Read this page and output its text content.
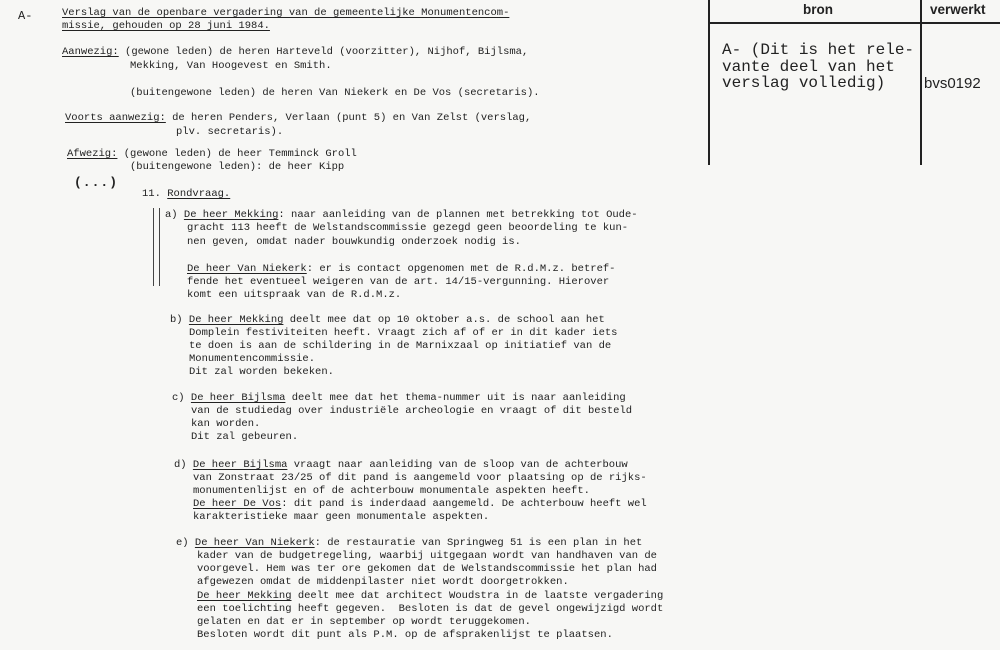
A-	Verslag van de openbare vergadering van de gemeentelijke Monumentencom-
missie, gehouden op 28 juni 1984.
Aanwezig: (gewone leden) de heren Harteveld (voorzitter), Nijhof, Bijlsma,
Mekking, Van Hoogevest en Smith.
(buitengewone leden) de heren Van Niekerk en De Vos (secretaris).
Voorts aanwezig: de heren Penders, Verlaan (punt 5) en Van Zelst (verslag,
plv. secretaris).
Afwezig: (gewone leden) de heer Temminck Groll
(buitengewone leden): de heer Kipp
(...)
11. Rondvraag.
a) De heer Mekking: naar aanleiding van de plannen met betrekking tot Oude-
gracht 113 heeft de Welstandscommissie gezegd geen beoordeling te kun-
nen geven, omdat nader bouwkundig onderzoek nodig is.
De heer Van Niekerk: er is contact opgenomen met de R.d.M.z. betref-
fende het eventueel weigeren van de art. 14/15-vergunning. Hierover
komt een uitspraak van de R.d.M.z.
b) De heer Mekking deelt mee dat op 10 oktober a.s. de school aan het
Domplein festiviteiten heeft. Vraagt zich af of er in dit kader iets
te doen is aan de schildering in de Marnixzaal op initiatief van de
Monumentencommissie.
Dit zal worden bekeken.
c) De heer Bijlsma deelt mee dat het thema-nummer uit is naar aanleiding
van de studiedag over industriële archeologie en vraagt of dit besteld
kan worden.
Dit zal gebeuren.
d) De heer Bijlsma vraagt naar aanleiding van de sloop van de achterbouw
van Zonstraat 23/25 of dit pand is aangemeld voor plaatsing op de rijks-
monumentenlijst en of de achterbouw monumentale aspekten heeft.
De heer De Vos: dit pand is inderdaad aangemeld. De achterbouw heeft wel
karakteristieke maar geen monumentale aspekten.
e) De heer Van Niekerk: de restauratie van Springweg 51 is een plan in het
kader van de budgetregeling, waarbij uitgegaan wordt van handhaven van de
voorgevel. Hem was ter ore gekomen dat de Welstandscommissie het plan had
afgewezen omdat de middenpilaster niet wordt doorgetrokken.
De heer Mekking deelt mee dat architect Woudstra in de laatste vergadering
een toelichting heeft gegeven.  Besloten is dat de gevel ongewijzigd wordt
gelaten en dat er in september op wordt teruggekomen.
Besloten wordt dit punt als P.M. op de afsprakenlijst te plaatsen.
bron	verwerkt
A- (Dit is het rele-
vante deel van het
verslag volledig)	bvs0192
